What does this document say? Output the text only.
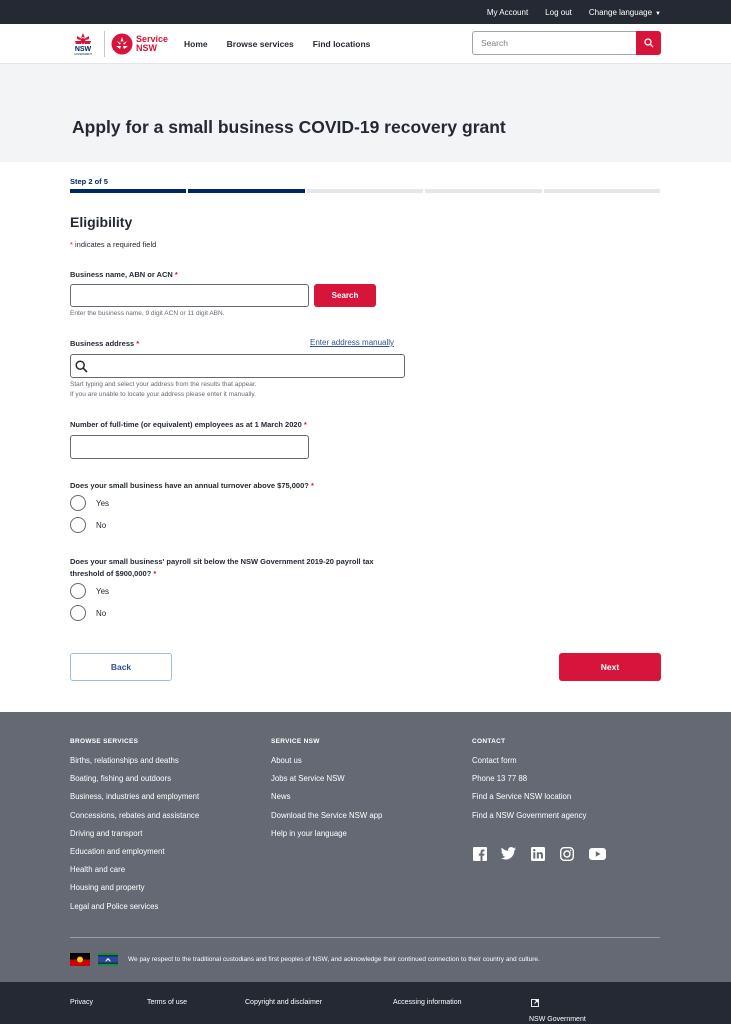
My Account Log out Change language ▼
NSW
GOVERNMENT
Service
NSW	Home Browse services Find locations
Search
Apply for a small business COVID-19 recovery grant
Step 2 of 5
Eligibility
* indicates a required field
Business name, ABN or ACN *
Search
Enter the business name, 9 digit ACN or 11 digit ABN.
Business address *	Enter address manually
Start typing and select your address from the results that appear.
If you are unable to locate your address please enter it manually.
Number of full-time (or equivalent) employees as at 1 March 2020 *
Does your small business have an annual turnover above $75,000? *
Yes
No
Does your small business' payroll sit below the NSW Government 2019-20 payroll tax
threshold of $900,000? *
Yes
No
Back	Next
BROWSE SERVICES
Births, relationships and deaths
Boating, fishing and outdoors
Business, industries and employment
Concessions, rebates and assistance
Driving and transport
Education and employment
Health and care
Housing and property
Legal and Police services
SERVICE NSW
About us
Jobs at Service NSW
News
Download the Service NSW app
Help in your language
CONTACT
Contact form
Phone 13 77 88
Find a Service NSW location
Find a NSW Government agency
We pay respect to the traditional custodians and first peoples of NSW, and acknowledge their continued connection to their country and culture.
Privacy	Terms of use	Copyright and disclaimer	Accessing information
NSW Government
